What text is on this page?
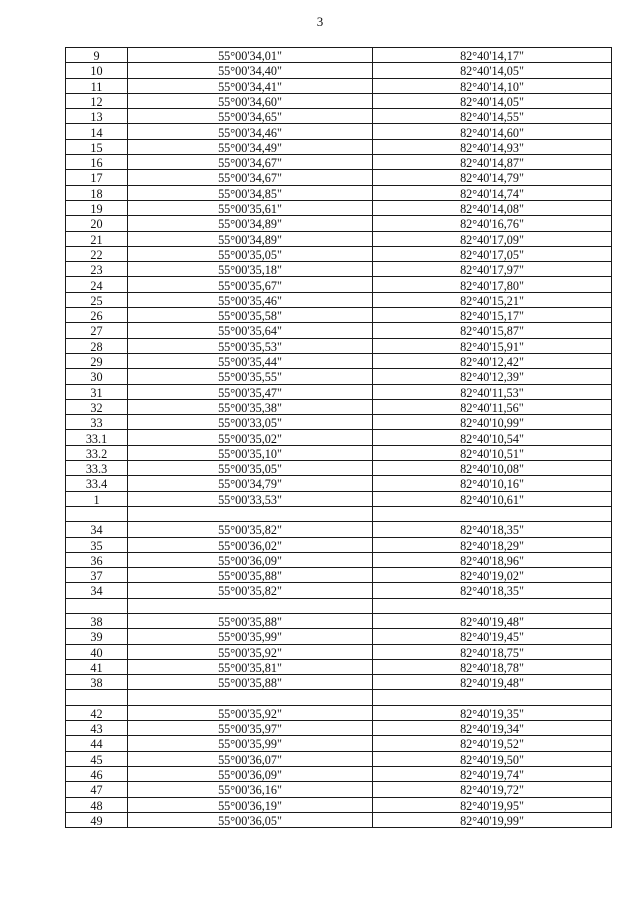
3
9	55°00'34,01"	82°40'14,17"
10	55°00'34,40"	82°40'14,05"
11	55°00'34,41"	82°40'14,10"
12	55°00'34,60"	82°40'14,05"
13	55°00'34,65"	82°40'14,55"
14	55°00'34,46"	82°40'14,60"
15	55°00'34,49"	82°40'14,93"
16	55°00'34,67"	82°40'14,87"
17	55°00'34,67"	82°40'14,79"
18	55°00'34,85"	82°40'14,74"
19	55°00'35,61"	82°40'14,08"
20	55°00'34,89"	82°40'16,76"
21	55°00'34,89"	82°40'17,09"
22	55°00'35,05"	82°40'17,05"
23	55°00'35,18"	82°40'17,97"
24	55°00'35,67"	82°40'17,80"
25	55°00'35,46"	82°40'15,21"
26	55°00'35,58"	82°40'15,17"
27	55°00'35,64"	82°40'15,87"
28	55°00'35,53"	82°40'15,91"
29	55°00'35,44"	82°40'12,42"
30	55°00'35,55"	82°40'12,39"
31	55°00'35,47"	82°40'11,53"
32	55°00'35,38"	82°40'11,56"
33	55°00'33,05"	82°40'10,99"
33.1	55°00'35,02"	82°40'10,54"
33.2	55°00'35,10"	82°40'10,51"
33.3	55°00'35,05"	82°40'10,08"
33.4	55°00'34,79"	82°40'10,16"
1	55°00'33,53"	82°40'10,61"

34	55°00'35,82"	82°40'18,35"
35	55°00'36,02"	82°40'18,29"
36	55°00'36,09"	82°40'18,96"
37	55°00'35,88"	82°40'19,02"
34	55°00'35,82"	82°40'18,35"

38	55°00'35,88"	82°40'19,48"
39	55°00'35,99"	82°40'19,45"
40	55°00'35,92"	82°40'18,75"
41	55°00'35,81"	82°40'18,78"
38	55°00'35,88"	82°40'19,48"

42	55°00'35,92"	82°40'19,35"
43	55°00'35,97"	82°40'19,34"
44	55°00'35,99"	82°40'19,52"
45	55°00'36,07"	82°40'19,50"
46	55°00'36,09"	82°40'19,74"
47	55°00'36,16"	82°40'19,72"
48	55°00'36,19"	82°40'19,95"
49	55°00'36,05"	82°40'19,99"
